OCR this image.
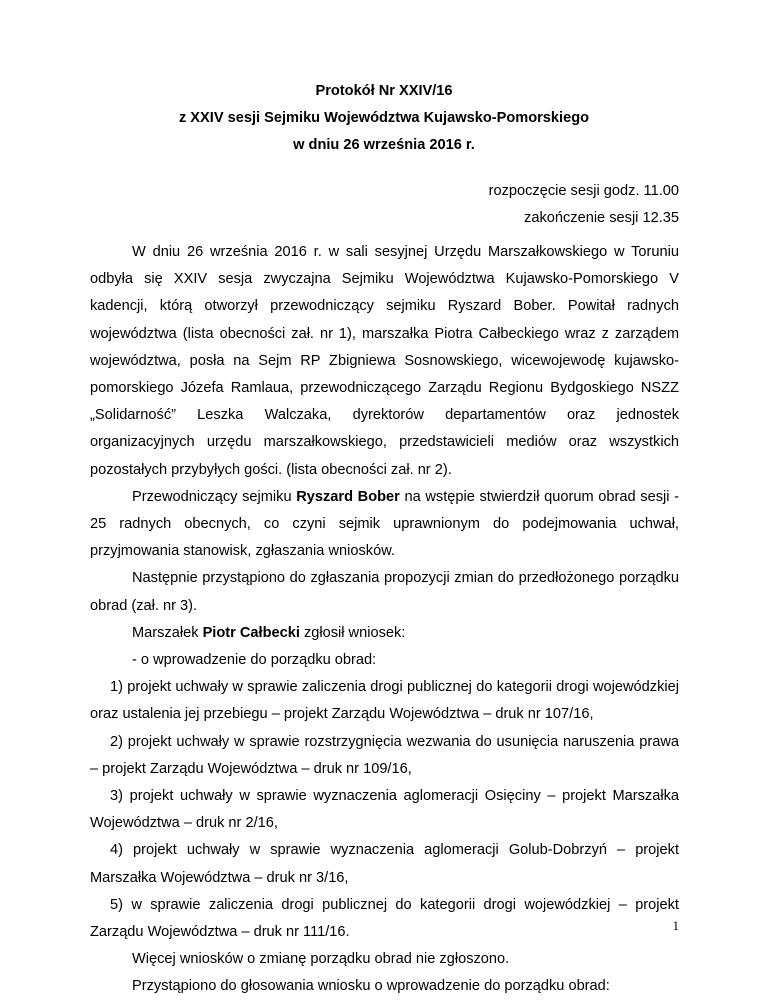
Protokół Nr XXIV/16
z XXIV sesji Sejmiku Województwa Kujawsko-Pomorskiego
w dniu 26 września 2016 r.
rozpoczęcie sesji godz. 11.00
zakończenie sesji 12.35

W dniu 26 września 2016 r. w sali sesyjnej Urzędu Marszałkowskiego w Toruniu odbyła się XXIV sesja zwyczajna Sejmiku Województwa Kujawsko-Pomorskiego V kadencji, którą otworzył przewodniczący sejmiku Ryszard Bober. Powitał radnych województwa (lista obecności zał. nr 1), marszałka Piotra Całbeckiego wraz z zarządem województwa, posła na Sejm RP Zbigniewa Sosnowskiego, wicewojewodę kujawsko-pomorskiego Józefa Ramlaua, przewodniczącego Zarządu Regionu Bydgoskiego NSZZ „Solidarność” Leszka Walczaka, dyrektorów departamentów oraz jednostek organizacyjnych urzędu marszałkowskiego, przedstawicieli mediów oraz wszystkich pozostałych przybyłych gości. (lista obecności zał. nr 2).

Przewodniczący sejmiku Ryszard Bober na wstępie stwierdził quorum obrad sesji - 25 radnych obecnych, co czyni sejmik uprawnionym do podejmowania uchwał, przyjmowania stanowisk, zgłaszania wniosków.

Następnie przystąpiono do zgłaszania propozycji zmian do przedłożonego porządku obrad (zał. nr 3).

Marszałek Piotr Całbecki zgłosił wniosek:

- o wprowadzenie do porządku obrad:

1) projekt uchwały w sprawie zaliczenia drogi publicznej do kategorii drogi wojewódzkiej oraz ustalenia jej przebiegu – projekt Zarządu Województwa – druk nr 107/16,

2) projekt uchwały w sprawie rozstrzygnięcia wezwania do usunięcia naruszenia prawa – projekt Zarządu Województwa – druk nr 109/16,

3) projekt uchwały w sprawie wyznaczenia aglomeracji Osięciny – projekt Marszałka Województwa – druk nr 2/16,

4) projekt uchwały w sprawie wyznaczenia aglomeracji Golub-Dobrzyń – projekt Marszałka Województwa – druk nr 3/16,

5) w sprawie zaliczenia drogi publicznej do kategorii drogi wojewódzkiej – projekt Zarządu Województwa – druk nr 111/16.

Więcej wniosków o zmianę porządku obrad nie zgłoszono.

Przystąpiono do głosowania wniosku o wprowadzenie do porządku obrad:

1
